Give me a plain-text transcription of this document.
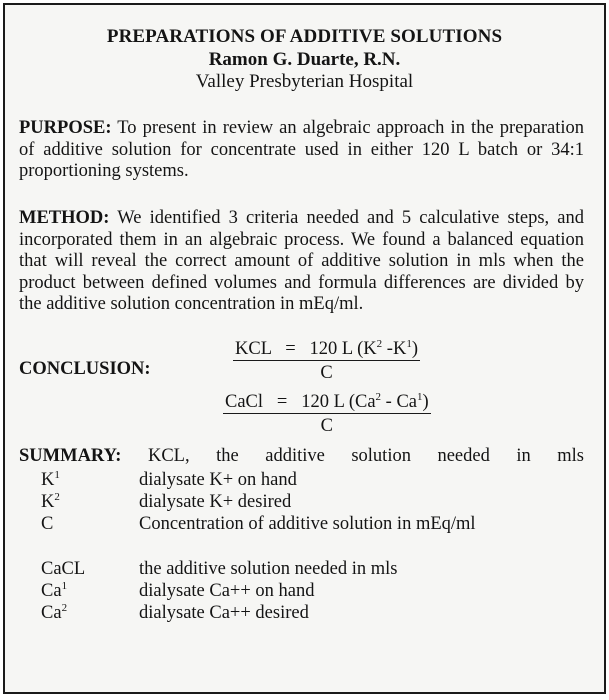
PREPARATIONS OF ADDITIVE SOLUTIONS
Ramon G. Duarte, R.N.
Valley Presbyterian Hospital
PURPOSE: To present in review an algebraic approach in the preparation of additive solution for concentrate used in either 120 L batch or 34:1 proportioning systems.
METHOD: We identified 3 criteria needed and 5 calculative steps, and incorporated them in an algebraic process. We found a balanced equation that will reveal the correct amount of additive solution in mls when the product between defined volumes and formula differences are divided by the additive solution concentration in mEq/ml.
CONCLUSION:
KCL = 120 L ($K^2$ $-K^1$)
C
CaCl = 120 L (Ca$^2$ - Ca$^1$)
C
SUMMARY: KCL, the additive solution needed in mls
$K^1$	dialysate K+ on hand
$K^2$	dialysate K+ desired
C	Concentration of additive solution in mEq/ml
CaCL	the additive solution needed in mls
Ca$^1$	dialysate Ca++ on hand
Ca$^2$	dialysate Ca++ desired
